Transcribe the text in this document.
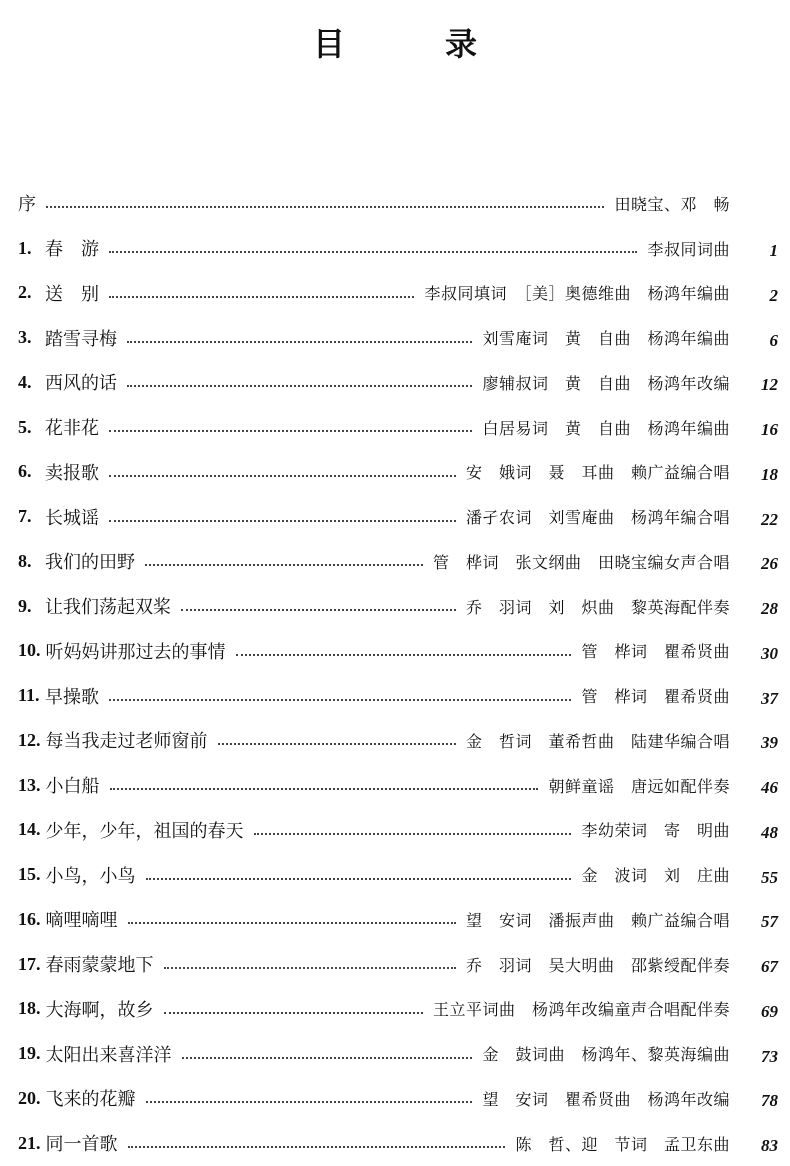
目　录
序	田晓宝、邓　畅
1. 春　游	李叔同词曲	1
2. 送　别	李叔同填词　［美］奥德维曲　杨鸿年编曲	2
3. 踏雪寻梅	刘雪庵词　黄　自曲　杨鸿年编曲	6
4. 西风的话	廖辅叔词　黄　自曲　杨鸿年改编	12
5. 花非花	白居易词　黄　自曲　杨鸿年编曲	16
6. 卖报歌	安　娥词　聂　耳曲　赖广益编合唱	18
7. 长城谣	潘孑农词　刘雪庵曲　杨鸿年编合唱	22
8. 我们的田野	管　桦词　张文纲曲　田晓宝编女声合唱	26
9. 让我们荡起双桨	乔　羽词　刘　炽曲　黎英海配伴奏	28
10. 听妈妈讲那过去的事情	管　桦词　瞿希贤曲	30
11. 早操歌	管　桦词　瞿希贤曲	37
12. 每当我走过老师窗前	金　哲词　董希哲曲　陆建华编合唱	39
13. 小白船	朝鲜童谣　唐远如配伴奏	46
14. 少年，少年，祖国的春天	李幼荣词　寄　明曲	48
15. 小鸟，小鸟	金　波词　刘　庄曲	55
16. 嘀哩嘀哩	望　安词　潘振声曲　赖广益编合唱	57
17. 春雨蒙蒙地下	乔　羽词　吴大明曲　邵紫绶配伴奏	67
18. 大海啊，故乡	王立平词曲　杨鸿年改编童声合唱配伴奏	69
19. 太阳出来喜洋洋	金　鼓词曲　杨鸿年、黎英海编曲	73
20. 飞来的花瓣	望　安词　瞿希贤曲　杨鸿年改编	78
21. 同一首歌	陈　哲、迎　节词　孟卫东曲	83
